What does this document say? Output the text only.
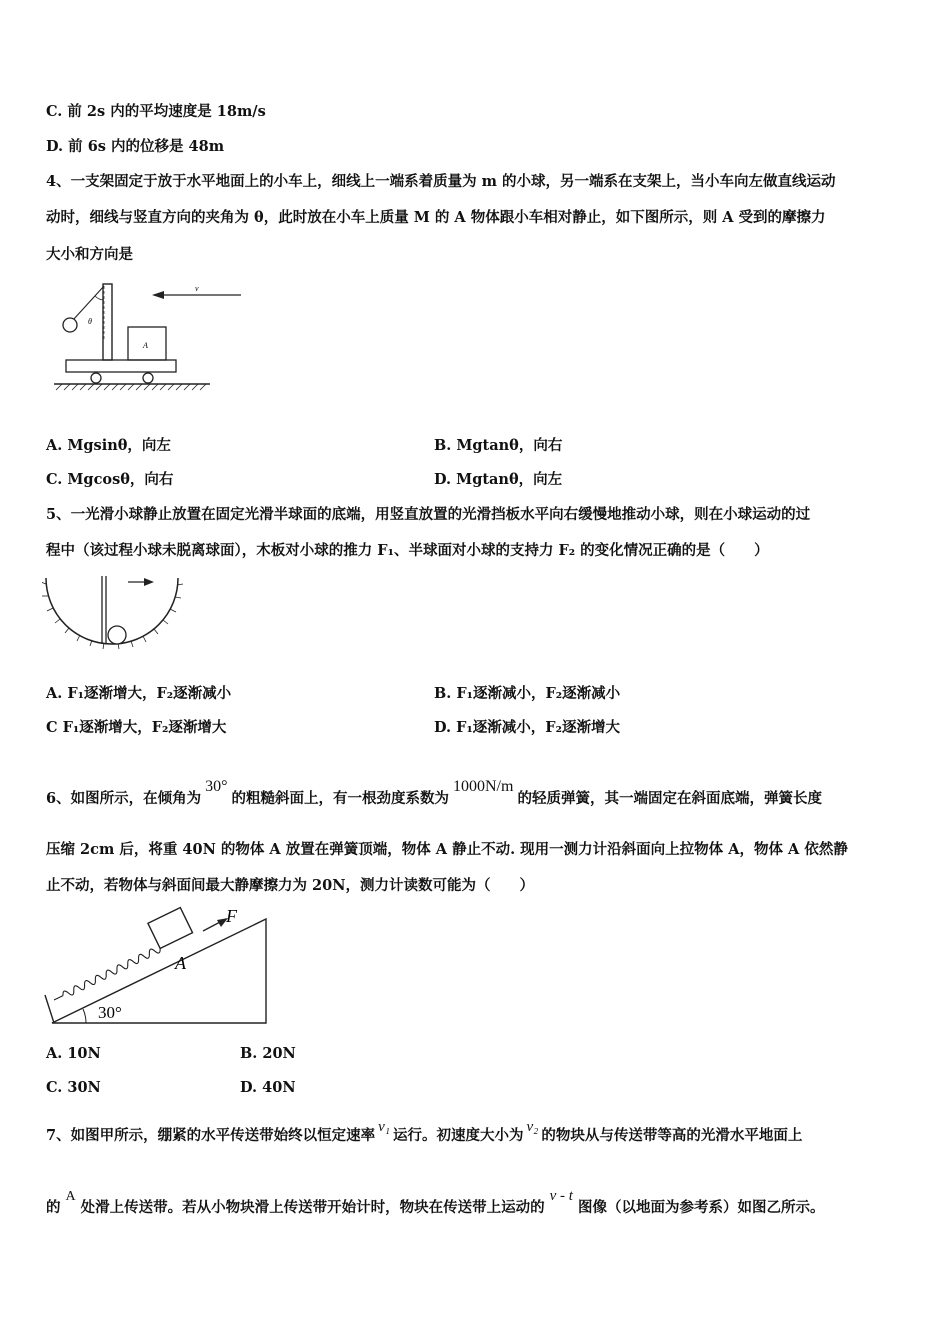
C. 前 2s 内的平均速度是 18m/s
D. 前 6s 内的位移是 48m
4、一支架固定于放于水平地面上的小车上，细线上一端系着质量为 m 的小球，另一端系在支架上，当小车向左做直线运动
动时，细线与竖直方向的夹角为 θ，此时放在小车上质量 M 的 A 物体跟小车相对静止，如下图所示，则 A 受到的摩擦力
大小和方向是
v
θ
A
A. Mgsinθ，向左	B. Mgtanθ，向右
C. Mgcosθ，向右	D. Mgtanθ，向左
5、一光滑小球静止放置在固定光滑半球面的底端，用竖直放置的光滑挡板水平向右缓慢地推动小球，则在小球运动的过
程中（该过程小球未脱离球面），木板对小球的推力 F₁、半球面对小球的支持力 F₂ 的变化情况正确的是（　　）
A. F₁逐渐增大，F₂逐渐减小	B. F₁逐渐减小，F₂逐渐减小
C F₁逐渐增大，F₂逐渐增大	D. F₁逐渐减小，F₂逐渐增大
6、如图所示，在倾角为30°的粗糙斜面上，有一根劲度系数为1000N/m的轻质弹簧，其一端固定在斜面底端，弹簧长度
压缩 2cm 后，将重 40N 的物体 A 放置在弹簧顶端，物体 A 静止不动. 现用一测力计沿斜面向上拉物体 A，物体 A 依然静
止不动，若物体与斜面间最大静摩擦力为 20N，测力计读数可能为（　　）
A
F
30°
A. 10N	B. 20N
C. 30N	D. 40N
7、如图甲所示，绷紧的水平传送带始终以恒定速率 v₁ 运行。初速度大小为 v₂ 的物块从与传送带等高的光滑水平地面上
的A处滑上传送带。若从小物块滑上传送带开始计时，物块在传送带上运动的v - t图像（以地面为参考系）如图乙所示。
